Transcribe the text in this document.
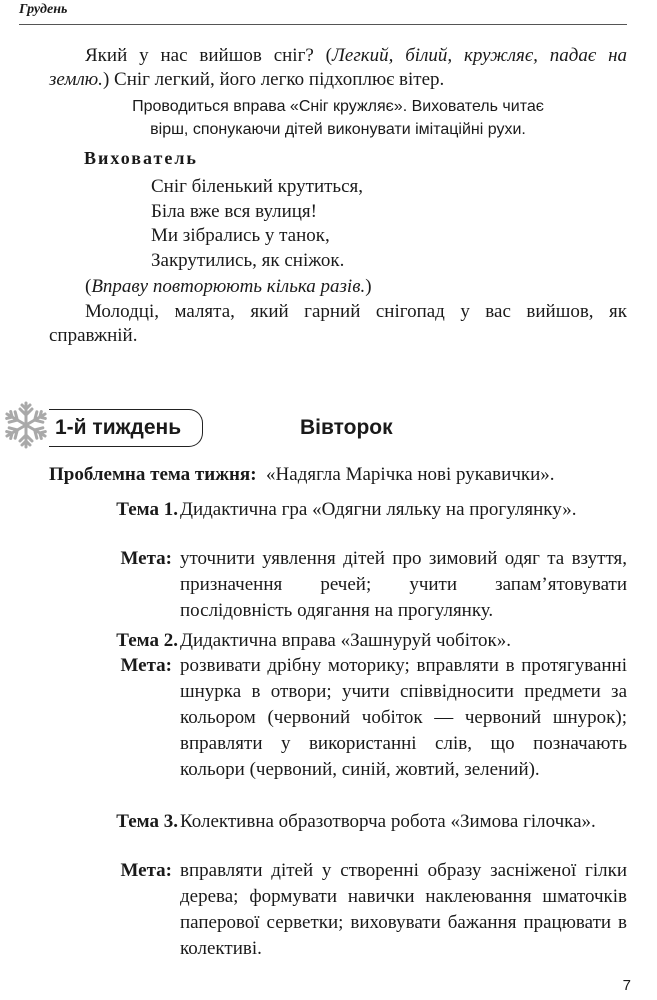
Грудень
Який у нас вийшов сніг? (Легкий, білий, кружляє, падає на землю.) Сніг легкий, його легко підхоплює вітер.
Проводиться вправа «Сніг кружляє». Вихователь читає
вірш, спонукаючи дітей виконувати імітаційні рухи.
Вихователь
Сніг біленький крутиться,
Біла вже вся вулиця!
Ми зібрались у танок,
Закрутились, як сніжок.
(Вправу повторюють кілька разів.)
Молодці, малята, який гарний снігопад у вас вийшов, як справжній.
1-й тиждень	Вівторок
Проблемна тема тижня: «Надягла Марічка нові рукавички».
Тема 1. Дидактична гра «Одягни ляльку на прогулянку».
Мета: уточнити уявлення дітей про зимовий одяг та взуття, призначення речей; учити запам’ятовувати послідовність одягання на прогулянку.
Тема 2. Дидактична вправа «Зашнуруй чобіток».
Мета: розвивати дрібну моторику; вправляти в протягуванні шнурка в отвори; учити співвідносити предмети за кольором (червоний чобіток — червоний шнурок); вправляти у використанні слів, що позначають кольори (червоний, синій, жовтий, зелений).
Тема 3. Колективна образотворча робота «Зимова гілочка».
Мета: вправляти дітей у створенні образу засніженої гілки дерева; формувати навички наклеювання шматочків паперової серветки; виховувати бажання працювати в колективі.
7
